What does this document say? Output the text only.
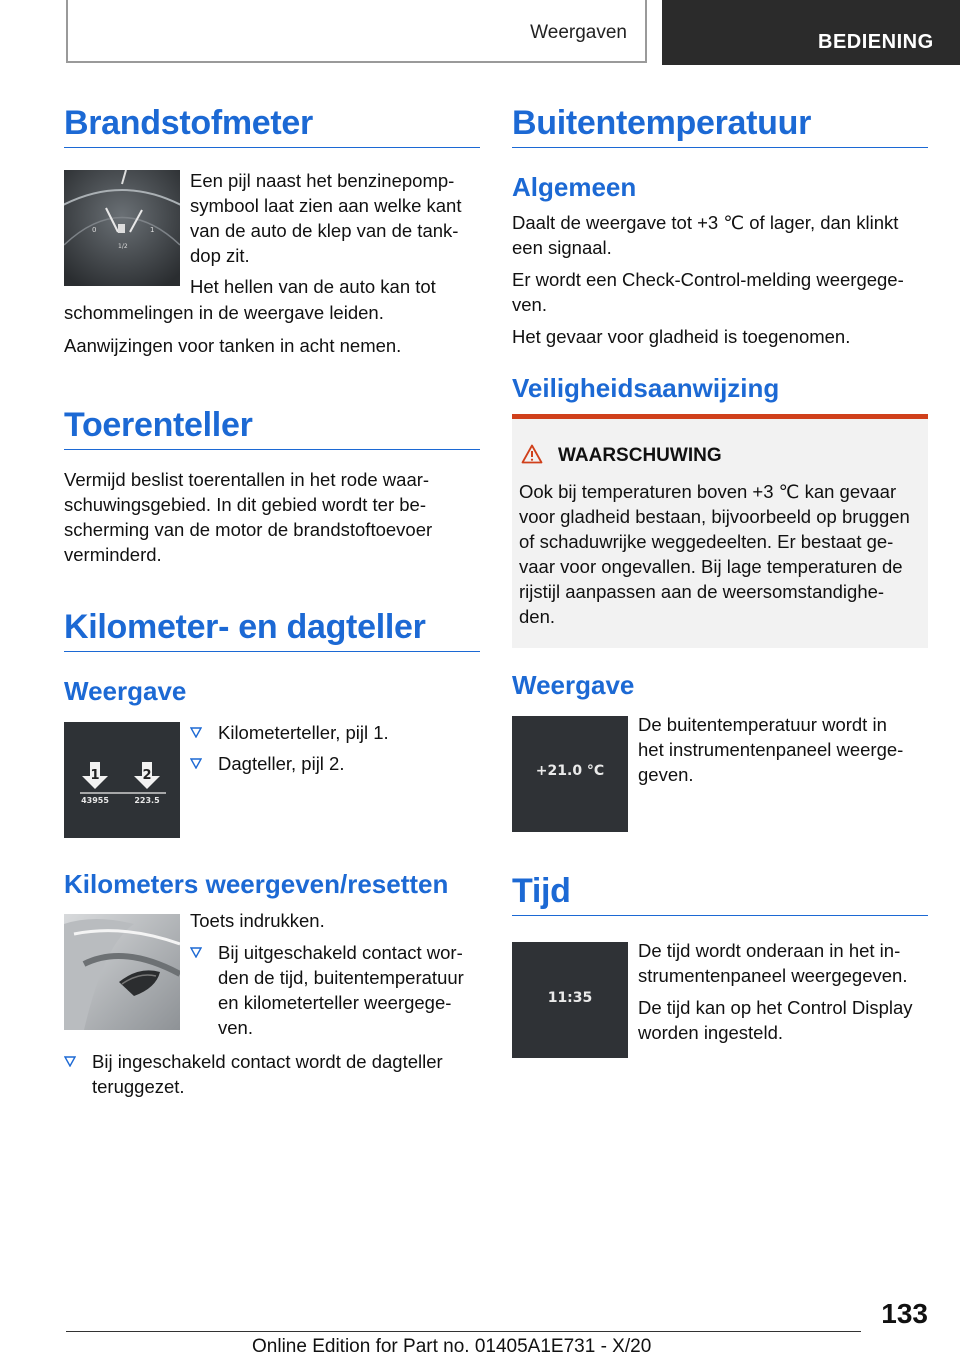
Weergaven	BEDIENING
Brandstofmeter
0	1
1/2
Een pijl naast het benzinepomp-
symbool laat zien aan welke kant
van de auto de klep van de tank-
dop zit.
Het hellen van de auto kan tot
schommelingen in de weergave leiden.
Aanwijzingen voor tanken in acht nemen.
Toerenteller
Vermijd beslist toerentallen in het rode waar-
schuwingsgebied. In dit gebied wordt ter be-
scherming van de motor de brandstoftoevoer
verminderd.
Kilometer- en dagteller
Weergave
1	2
43955	223.5
Kilometerteller, pijl 1.
Dagteller, pijl 2.
Kilometers weergeven/resetten
Toets indrukken.
Bij uitgeschakeld contact wor-
den de tijd, buitentemperatuur
en kilometerteller weergege-
ven.
Bij ingeschakeld contact wordt de dagteller
teruggezet.
Buitentemperatuur
Algemeen

Daalt de weergave tot +3 ℃ of lager, dan klinkt
een signaal.

Er wordt een Check-Control-melding weergege-
ven.

Het gevaar voor gladheid is toegenomen.

Veiligheidsaanwijzing
WAARSCHUWING
Ook bij temperaturen boven +3 ℃ kan gevaar
voor gladheid bestaan, bijvoorbeeld op bruggen
of schaduwrijke weggedeelten. Er bestaat ge-
vaar voor ongevallen. Bij lage temperaturen de
rijstijl aanpassen aan de weersomstandighe-
den.
Weergave
+21.0 °C
De buitentemperatuur wordt in
het instrumentenpaneel weerge-
geven.
Tijd
11:35

De tijd wordt onderaan in het in-
strumentenpaneel weergegeven.

De tijd kan op het Control Display
worden ingesteld.

133
Online Edition for Part no. 01405A1E731 - X/20
